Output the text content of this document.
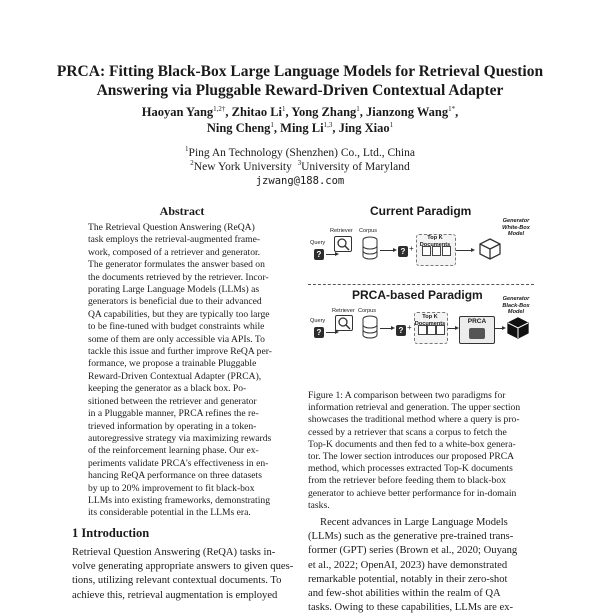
PRCA: Fitting Black-Box Large Language Models for Retrieval Question Answering via Pluggable Reward-Driven Contextual Adapter
Haoyan Yang$^{1,2\dagger}$, Zhitao Li$^1$, Yong Zhang$^1$, Jianzong Wang$^{1*}$,
Ning Cheng$^1$, Ming Li$^{1,3}$, Jing Xiao$^1$
$^1$Ping An Technology (Shenzhen) Co., Ltd., China
$^2$New York University $^3$University of Maryland
jzwang@188.com
Abstract
The Retrieval Question Answering (ReQA)
task employs the retrieval-augmented frame-
work, composed of a retriever and generator.
The generator formulates the answer based on
the documents retrieved by the retriever. Incor-
porating Large Language Models (LLMs) as
generators is beneficial due to their advanced
QA capabilities, but they are typically too large
to be fine-tuned with budget constraints while
some of them are only accessible via APIs. To
tackle this issue and further improve ReQA per-
formance, we propose a trainable Pluggable
Reward-Driven Contextual Adapter (PRCA),
keeping the generator as a black box. Po-
sitioned between the retriever and generator
in a Pluggable manner, PRCA refines the re-
trieved information by operating in a token-
autoregressive strategy via maximizing rewards
of the reinforcement learning phase. Our ex-
periments validate PRCA's effectiveness in en-
hancing ReQA performance on three datasets
by up to 20% improvement to fit black-box
LLMs into existing frameworks, demonstrating
its considerable potential in the LLMs era.
1 Introduction
Retrieval Question Answering (ReQA) tasks in-
volve generating appropriate answers to given ques-
tions, utilizing relevant contextual documents. To
achieve this, retrieval augmentation is employed
Current Paradigm
Retriever Corpus
Query
?
Top K Documents
? +
Generator White-Box Model
PRCA-based Paradigm
Retriever Corpus
Query
?	? +
Top K Documents	PRCA
Generator Black-Box Model
Figure 1: A comparison between two paradigms for
information retrieval and generation. The upper section
showcases the traditional method where a query is pro-
cessed by a retriever that scans a corpus to fetch the
Top-K documents and then fed to a white-box genera-
tor. The lower section introduces our proposed PRCA
method, which processes extracted Top-K documents
from the retriever before feeding them to black-box
generator to achieve better performance for in-domain
tasks.
Recent advances in Large Language Models
(LLMs) such as the generative pre-trained trans-
former (GPT) series (Brown et al., 2020; Ouyang
et al., 2022; OpenAI, 2023) have demonstrated
remarkable potential, notably in their zero-shot
and few-shot abilities within the realm of QA
tasks. Owing to these capabilities, LLMs are ex-
